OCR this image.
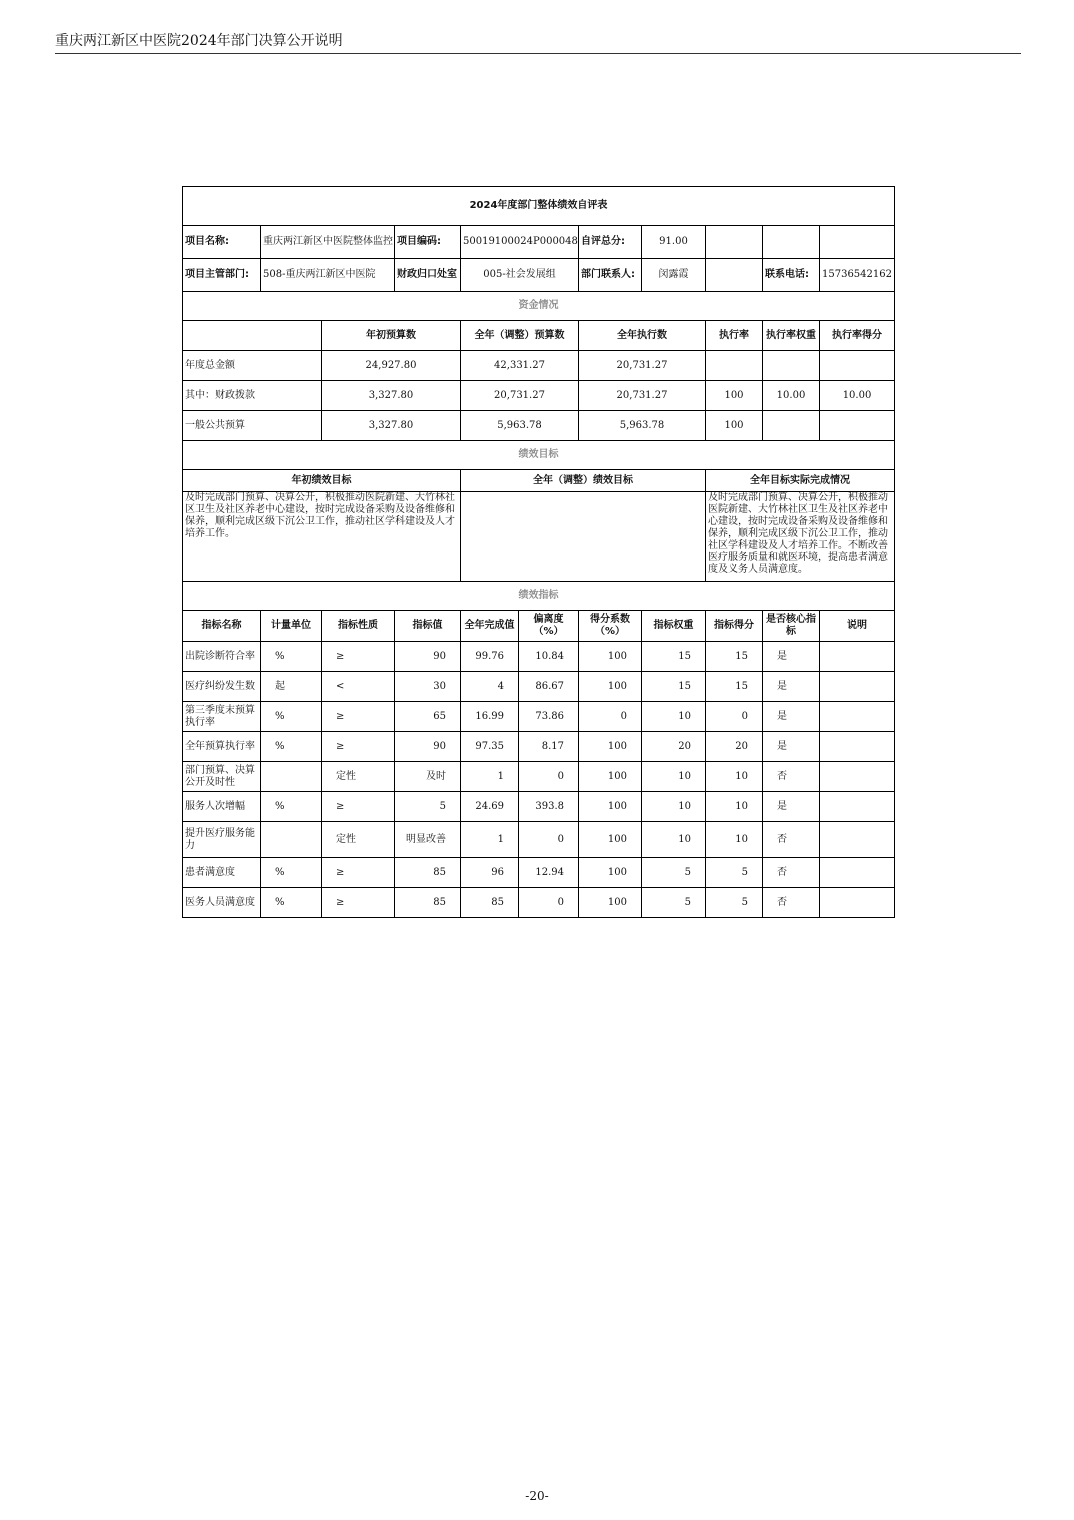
重庆两江新区中医院2024年部门决算公开说明
2024年度部门整体绩效自评表										
项目名称:	重庆两江新区中医院整体监控		项目编码:	50019100024P000048		自评总分:	91.00			
项目主管部门:	508-重庆两江新区中医院		财政归口处室	005-社会发展组		部门联系人:	闵露霞		联系电话:	15736542162
资金情况										
		年初预算数		全年（调整）预算数		全年执行数		执行率	执行率权重	执行率得分
年度总金额		24,927.80		42,331.27		20,731.27				
其中：财政拨款		3,327.80		20,731.27		20,731.27		100	10.00	10.00
一般公共预算		3,327.80		5,963.78		5,963.78		100		
绩效目标										
年初绩效目标				全年（调整）绩效目标				全年目标实际完成情况		
及时完成部门预算、决算公开，积极推动医院新建、大竹林社区卫生及社区养老中心建设，按时完成设备采购及设备维修和保养，顺利完成区级下沉公卫工作，推动社区学科建设及人才培养工作。								及时完成部门预算、决算公开，积极推动医院新建、大竹林社区卫生及社区养老中心建设，按时完成设备采购及设备维修和保养，顺利完成区级下沉公卫工作，推动社区学科建设及人才培养工作。不断改善医疗服务质量和就医环境，提高患者满意度及义务人员满意度。		
绩效指标										
指标名称	计量单位	指标性质	指标值	全年完成值	偏离度（%）	得分系数（%）	指标权重	指标得分	是否核心指标	说明
出院诊断符合率	%	≥	90	99.76	10.84	100	15	15	是	
医疗纠纷发生数	起	<	30	4	86.67	100	15	15	是	
第三季度末预算执行率	%	≥	65	16.99	73.86	0	10	0	是	
全年预算执行率	%	≥	90	97.35	8.17	100	20	20	是	
部门预算、决算公开及时性		定性	及时	1	0	100	10	10	否	
服务人次增幅	%	≥	5	24.69	393.8	100	10	10	是	
提升医疗服务能力		定性	明显改善	1	0	100	10	10	否	
患者满意度	%	≥	85	96	12.94	100	5	5	否	
医务人员满意度	%	≥	85	85	0	100	5	5	否	
-20-
